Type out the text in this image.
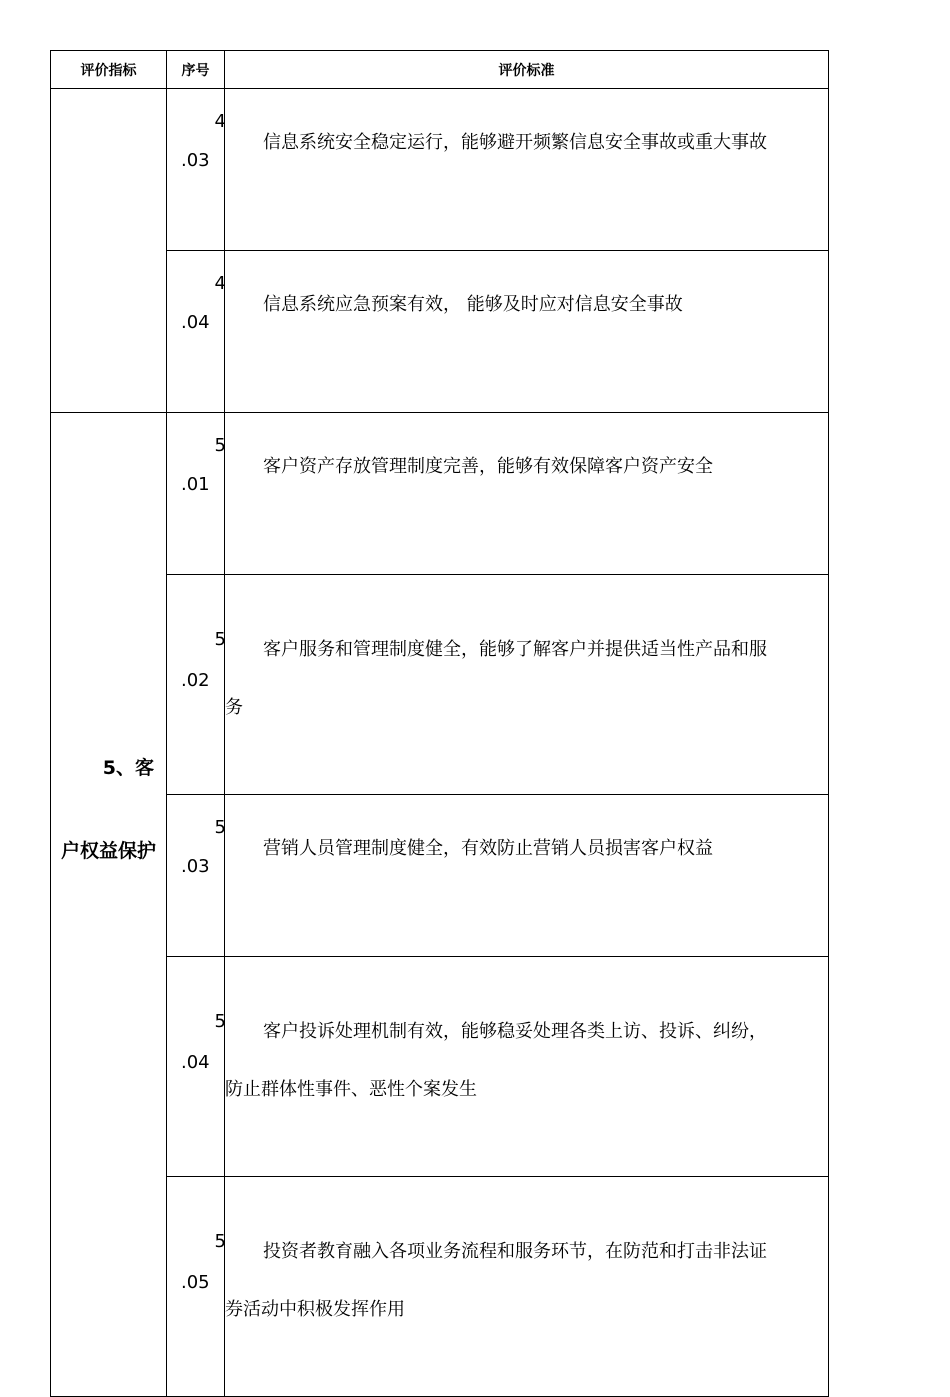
评价指标	序号	评价标准

	4
.03	信息系统安全稳定运行，能够避开频繁信息安全事故或重大事故

	4
.04	信息系统应急预案有效， 能够及时应对信息安全事故

5、客
户权益保护	5
.01	客户资产存放管理制度完善，能够有效保障客户资产安全

	5
.02	客户服务和管理制度健全，能够了解客户并提供适当性产品和服
务

	5
.03	营销人员管理制度健全，有效防止营销人员损害客户权益

	5
.04	客户投诉处理机制有效，能够稳妥处理各类上访、投诉、纠纷，
防止群体性事件、恶性个案发生

	5
.05	投资者教育融入各项业务流程和服务环节，在防范和打击非法证
券活动中积极发挥作用
